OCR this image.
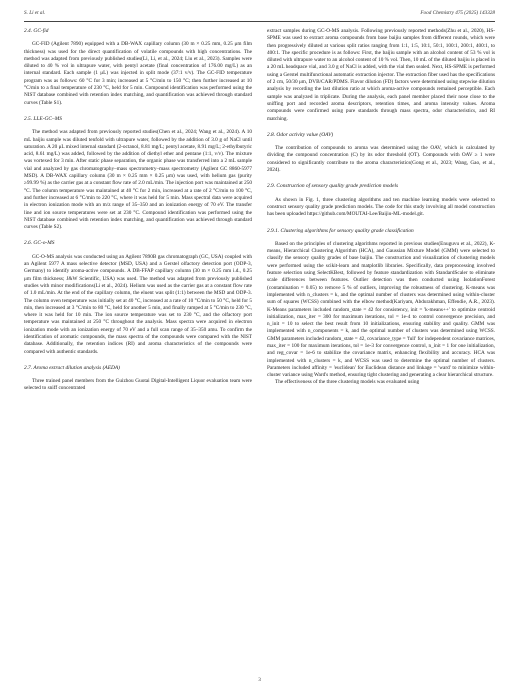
S. Li et al.	Food Chemistry 475 (2025) 143328
2.4. GC-fid

GC-FID (Agilent 7890) equipped with a DB-WAX capillary column (30 m × 0.25 mm, 0.25 μm film thickness) was used for the direct quantification of volatile compounds with high concentrations. The method was adapted from previously published studies(Li, Li, et al., 2024; Liu et al., 2023). Samples were diluted to 40 % vol in ultrapure water, with pentyl acetate (final concentration of 176.00 mg/L) as an internal standard. Each sample (1 μL) was injected in split mode (37:1 v/v). The GC-FID temperature program was as follows: 60 °C for 3 min; increased at 5 °C/min to 150 °C; then further increased at 10 °C/min to a final temperature of 230 °C, held for 5 min. Compound identification was performed using the NIST database combined with retention index matching, and quantification was achieved through standard curves (Table S1).

2.5. LLE-GC–MS

The method was adapted from previously reported studies(Chen et al., 2024; Wang et al., 2024). A 10 mL baijiu sample was diluted tenfold with ultrapure water, followed by the addition of 3.0 g of NaCl until saturation. A 20 μL mixed internal standard (2-octanol, 8.81 mg/L; pentyl acetate, 8.91 mg/L; 2-ethylbutyric acid, 8.61 mg/L) was added, followed by the addition of diethyl ether and pentane (1:1, v/v). The mixture was vortexed for 3 min. After static phase separation, the organic phase was transferred into a 2 mL sample vial and analyzed by gas chromatography–mass spectrometry–mass spectrometry (Agilent GC 8860-5977 MSD). A DB-WAX capillary column (30 m × 0.25 mm × 0.25 μm) was used, with helium gas (purity ≥99.99 %) as the carrier gas at a constant flow rate of 2.0 mL/min. The injection port was maintained at 250 °C. The column temperature was maintained at 40 °C for 2 min, increased at a rate of 2 °C/min to 100 °C, and further increased at 6 °C/min to 220 °C, where it was held for 5 min. Mass spectral data were acquired in electron ionization mode with an m/z range of 35–350 and an ionization energy of 70 eV. The transfer line and ion source temperatures were set at 230 °C. Compound identification was performed using the NIST database combined with retention index matching, and quantification was achieved through standard curves (Table S2).

2.6. GC-o-MS

GC-O-MS analysis was conducted using an Agilent 7890B gas chromatograph (GC, USA) coupled with an Agilent 5977 A mass selective detector (MSD, USA) and a Gerstel olfactory detection port (ODP-3, Germany) to identify aroma-active compounds. A DB-FFAP capillary column (30 m × 0.25 mm i.d., 0.25 μm film thickness; J&W Scientific, USA) was used. The method was adapted from previously published studies with minor modifications(Li et al., 2024). Helium was used as the carrier gas at a constant flow rate of 1.0 mL/min. At the end of the capillary column, the eluent was split (1:1) between the MSD and ODP-3. The column oven temperature was initially set at 40 °C, increased at a rate of 10 °C/min to 50 °C, held for 5 min, then increased at 3 °C/min to 80 °C, held for another 5 min, and finally ramped at 5 °C/min to 230 °C, where it was held for 10 min. The ion source temperature was set to 230 °C, and the olfactory port temperature was maintained at 250 °C throughout the analysis. Mass spectra were acquired in electron ionization mode with an ionization energy of 70 eV and a full scan range of 35–350 amu. To confirm the identification of aromatic compounds, the mass spectra of the compounds were compared with the NIST database. Additionally, the retention indices (RI) and aroma characteristics of the compounds were compared with authentic standards.

2.7. Aroma extract dilution analysis (AEDA)

Three trained panel members from the Guizhou Guotai Digital-Intelligent Liquor evaluation team were selected to sniff concentrated

extract samples during GC-O-MS analysis. Following previously reported methods(Zhu et al., 2020), HS-SPME was used to extract aroma compounds from base baijiu samples from different rounds, which were then progressively diluted at various split ratios ranging from 1:1, 1:5, 10:1, 50:1, 100:1, 200:1, 400:1, to 400:1. The specific procedure is as follows: First, the baijiu sample with an alcohol content of 53 % vol is diluted with ultrapure water to an alcohol content of 10 % vol. Then, 10 mL of the diluted baijiu is placed in a 20 mL headspace vial, and 3.0 g of NaCl is added, with the vial then sealed. Next, HS-SPME is performed using a Gerstel multifunctional automatic extraction injector. The extraction fiber used has the specifications of 2 cm, 50/30 μm, DVB/CAR/PDMS. Flavor dilution (FD) factors were determined using stepwise dilution analysis by recording the last dilution ratio at which aroma-active compounds remained perceptible. Each sample was analyzed in triplicate. During the analysis, each panel member placed their nose close to the sniffing port and recorded aroma descriptors, retention times, and aroma intensity values. Aroma compounds were confirmed using pure standards through mass spectra, odor characteristics, and RI matching.

2.8. Odor activity value (OAV)

The contribution of compounds to aroma was determined using the OAV, which is calculated by dividing the compound concentration (C) by its odor threshold (OT). Compounds with OAV ≥ 1 were considered to significantly contribute to the aroma characteristics(Gong et al., 2023; Wang, Gao, et al., 2024).

2.9. Construction of sensory quality grade prediction models

As shown in Fig. 1, three clustering algorithms and ten machine learning models were selected to construct sensory quality grade prediction models. The code for this study involving all model construction has been uploaded https://github.com/MOUTAI-Lee/Baijiu-ML-model.git.

2.9.1. Clustering algorithms for sensory quality grade classification

Based on the principles of clustering algorithms reported in previous studies(Enuguvu et al., 2022), K-means, Hierarchical Clustering Algorithm (HCA), and Gaussian Mixture Model (GMM) were selected to classify the sensory quality grades of base baijiu. The construction and visualization of clustering models were performed using the scikit-learn and matplotlib libraries. Specifically, data preprocessing involved feature selection using SelectKBest, followed by feature standardization with StandardScaler to eliminate scale differences between features. Outlier detection was then conducted using IsolationForest (contamination = 0.05) to remove 5 % of outliers, improving the robustness of clustering. K-means was implemented with n_clusters = k, and the optimal number of clusters was determined using within-cluster sum of squares (WCSS) combined with the elbow method(Kariyam, Abdurakhman, Effendie, A.R., 2023). K-Means parameters included random_state = 42 for consistency, init = 'k-means++' to optimize centroid initialization, max_iter = 300 for maximum iterations, tol = 1e-4 to control convergence precision, and n_init = 10 to select the best result from 10 initializations, ensuring stability and quality. GMM was implemented with n_components = k, and the optimal number of clusters was determined using WCSS. GMM parameters included random_state = 42, covariance_type = 'full' for independent covariance matrices, max_iter = 100 for maximum iterations, tol = 1e-3 for convergence control, n_init = 1 for one initialization, and reg_covar = 1e-6 to stabilize the covariance matrix, enhancing flexibility and accuracy. HCA was implemented with n_clusters = k, and WCSS was used to determine the optimal number of clusters. Parameters included affinity = 'euclidean' for Euclidean distance and linkage = 'ward' to minimize within-cluster variance using Ward's method, ensuring tight clustering and generating a clear hierarchical structure.

The effectiveness of the three clustering models was evaluated using

3
